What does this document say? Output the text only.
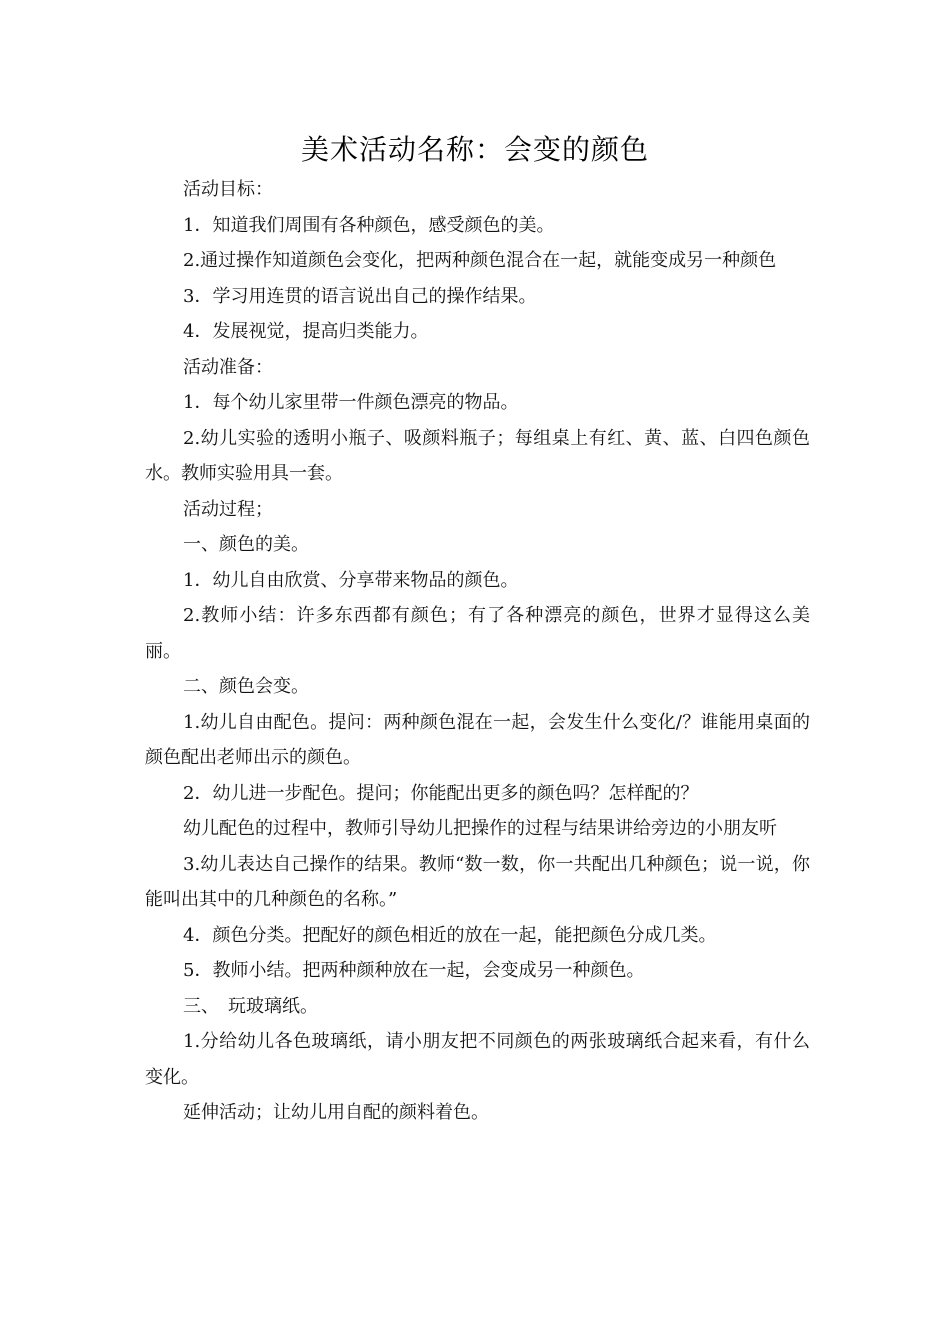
美术活动名称：会变的颜色

活动目标：

1．知道我们周围有各种颜色，感受颜色的美。

2.通过操作知道颜色会变化，把两种颜色混合在一起，就能变成另一种颜色

3．学习用连贯的语言说出自己的操作结果。

4．发展视觉，提高归类能力。

活动准备：

1．每个幼儿家里带一件颜色漂亮的物品。

2.幼儿实验的透明小瓶子、吸颜料瓶子；每组桌上有红、黄、蓝、白四色颜色水。教师实验用具一套。

活动过程；

一、颜色的美。

1．幼儿自由欣赏、分享带来物品的颜色。

2.教师小结：许多东西都有颜色；有了各种漂亮的颜色，世界才显得这么美丽。

二、颜色会变。

1.幼儿自由配色。提问：两种颜色混在一起，会发生什么变化/？谁能用桌面的颜色配出老师出示的颜色。

2．幼儿进一步配色。提问；你能配出更多的颜色吗？怎样配的？

幼儿配色的过程中，教师引导幼儿把操作的过程与结果讲给旁边的小朋友听

3.幼儿表达自己操作的结果。教师“数一数，你一共配出几种颜色；说一说，你能叫出其中的几种颜色的名称。”

4．颜色分类。把配好的颜色相近的放在一起，能把颜色分成几类。

5．教师小结。把两种颜种放在一起，会变成另一种颜色。

三、　玩玻璃纸。

1.分给幼儿各色玻璃纸，请小朋友把不同颜色的两张玻璃纸合起来看，有什么变化。

延伸活动；让幼儿用自配的颜料着色。
